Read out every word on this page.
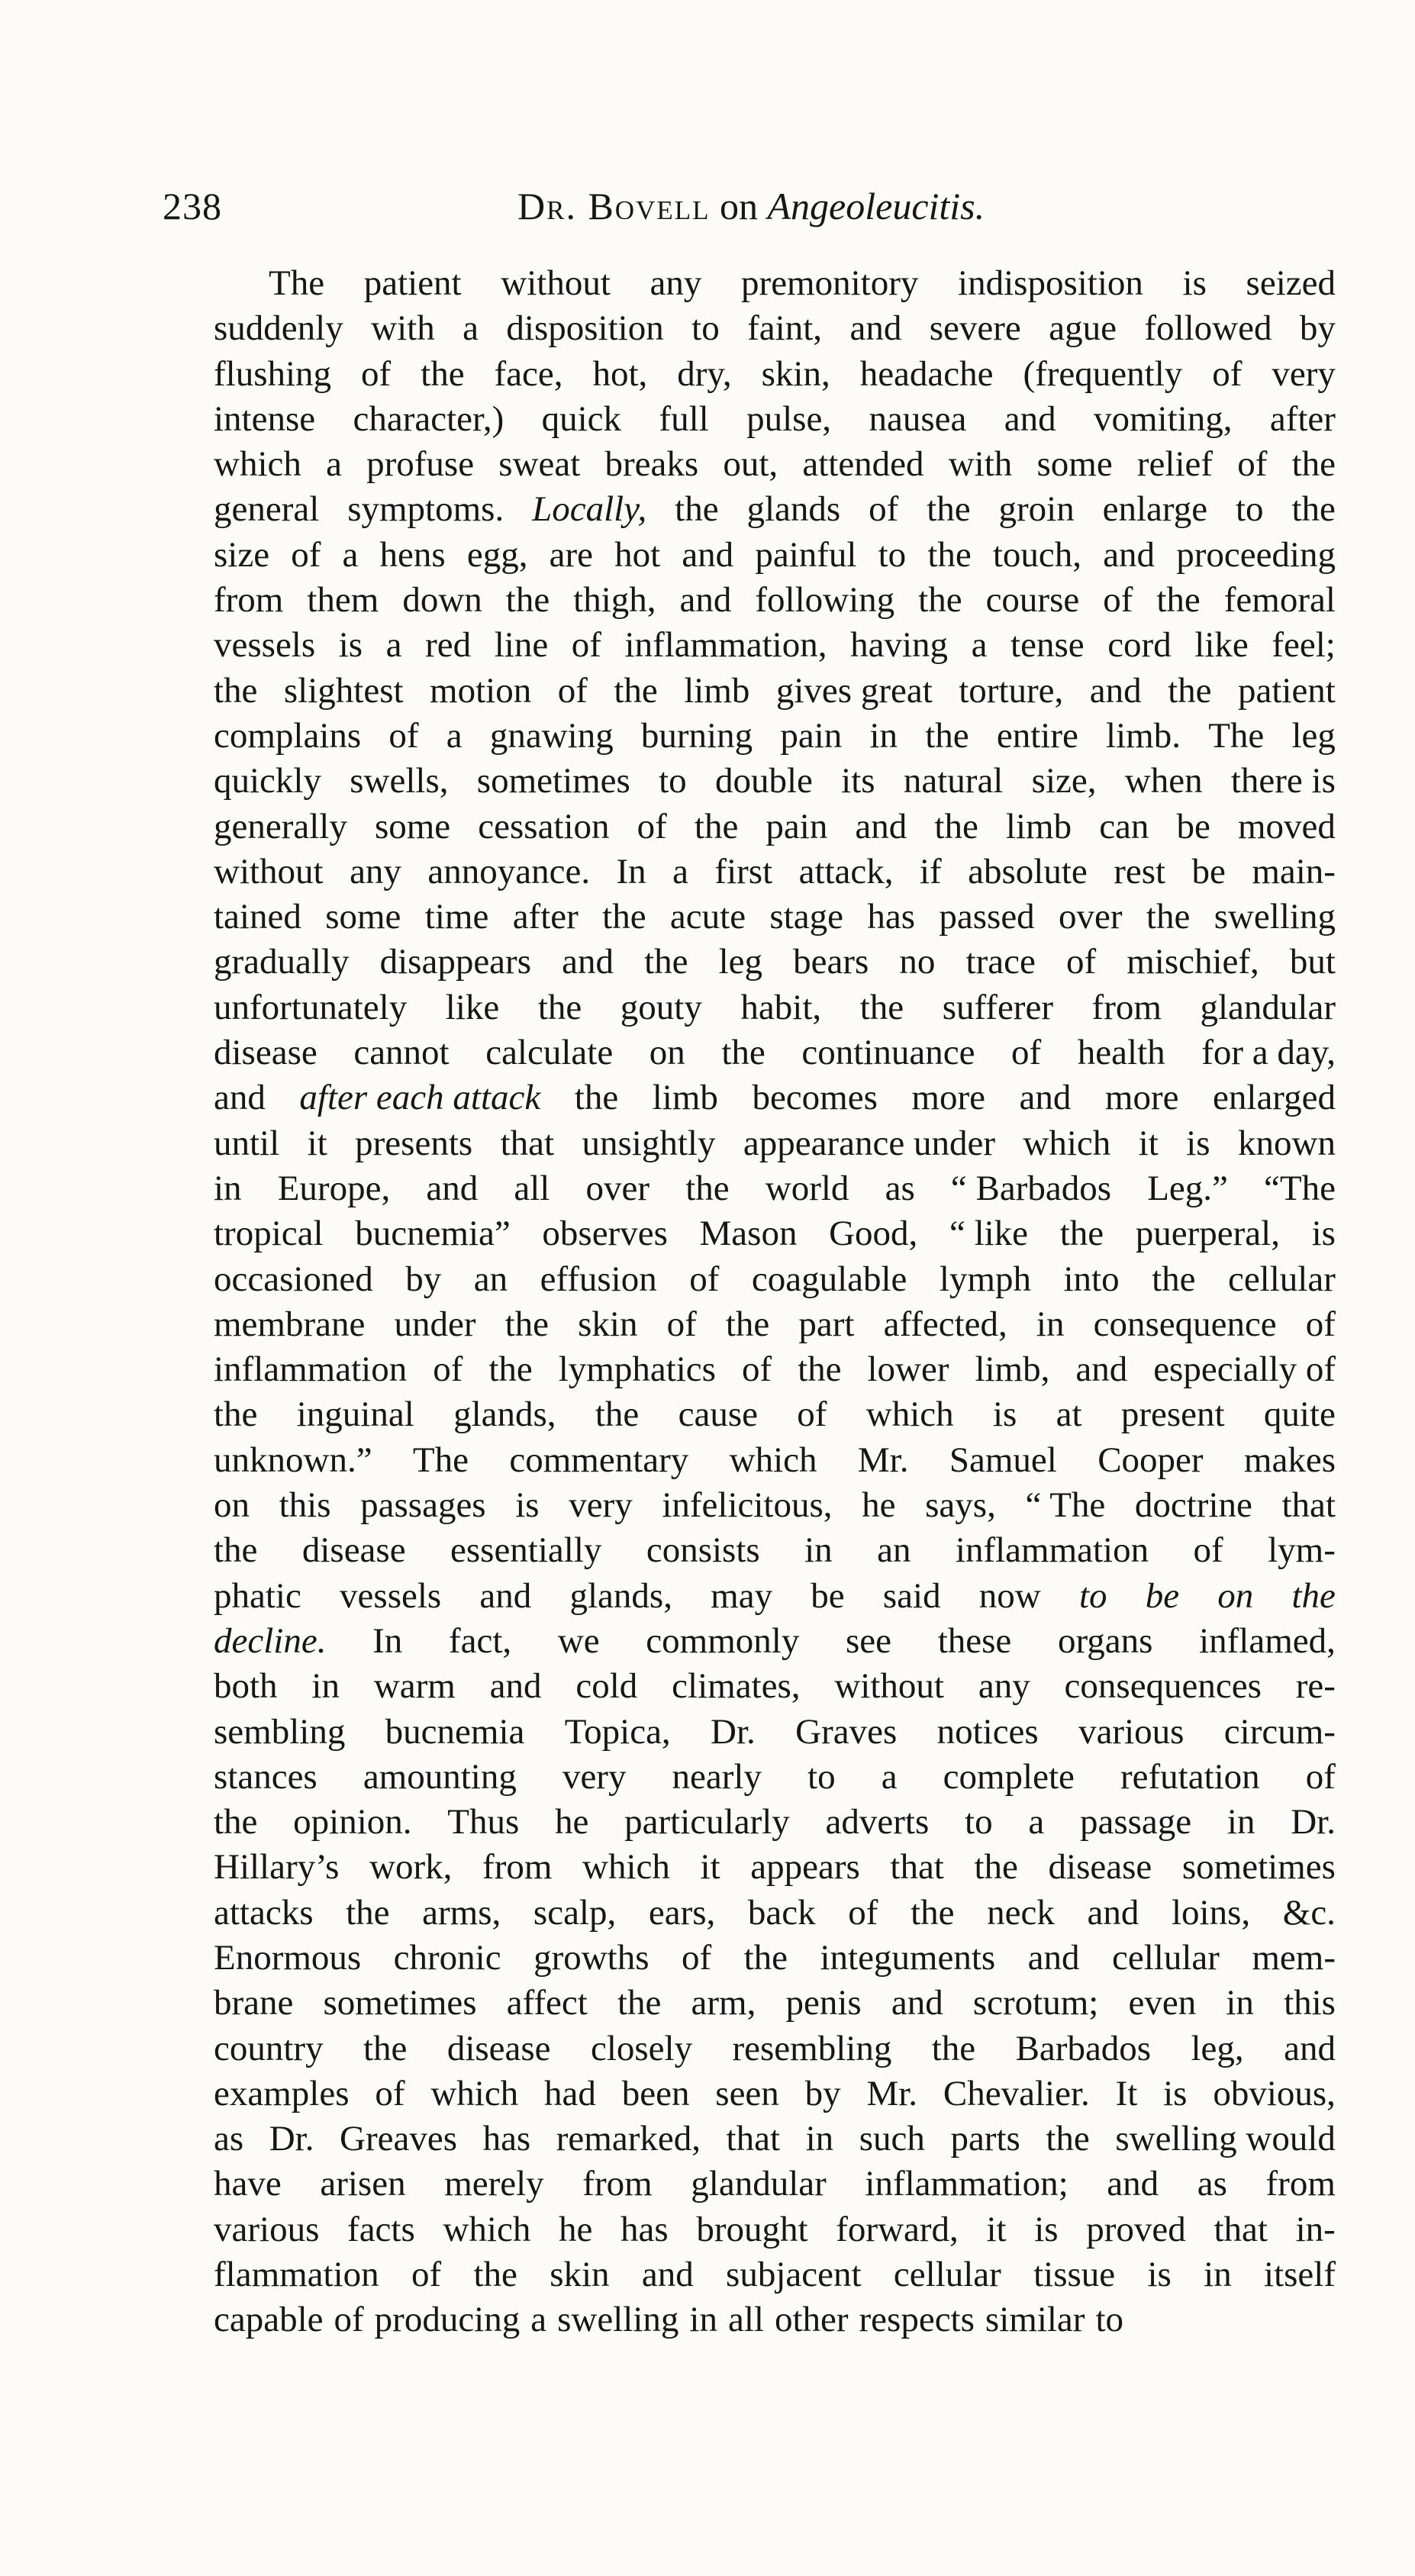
238	Dr. Bovell on Angeoleucitis.
The patient without any premonitory indisposition is seized
suddenly with a disposition to faint, and severe ague followed by
flushing of the face, hot, dry, skin, headache (frequently of very
intense character,) quick full pulse, nausea and vomiting, after
which a profuse sweat breaks out, attended with some relief of the
general symptoms. Locally, the glands of the groin enlarge to the
size of a hens egg, are hot and painful to the touch, and proceeding
from them down the thigh, and following the course of the femoral
vessels is a red line of inflammation, having a tense cord like feel;
the slightest motion of the limb gives great torture, and the patient
complains of a gnawing burning pain in the entire limb. The leg
quickly swells, sometimes to double its natural size, when there is
generally some cessation of the pain and the limb can be moved
without any annoyance. In a first attack, if absolute rest be main-
tained some time after the acute stage has passed over the swelling
gradually disappears and the leg bears no trace of mischief, but
unfortunately like the gouty habit, the sufferer from glandular
disease cannot calculate on the continuance of health for a day,
and after each attack the limb becomes more and more enlarged
until it presents that unsightly appearance under which it is known
in Europe, and all over the world as “ Barbados Leg.” “The
tropical bucnemia” observes Mason Good, “ like the puerperal, is
occasioned by an effusion of coagulable lymph into the cellular
membrane under the skin of the part affected, in consequence of
inflammation of the lymphatics of the lower limb, and especially of
the inguinal glands, the cause of which is at present quite
unknown.” The commentary which Mr. Samuel Cooper makes
on this passages is very infelicitous, he says, “ The doctrine that
the disease essentially consists in an inflammation of lym-
phatic vessels and glands, may be said now to be on the
decline. In fact, we commonly see these organs inflamed,
both in warm and cold climates, without any consequences re-
sembling bucnemia Topica, Dr. Graves notices various circum-
stances amounting very nearly to a complete refutation of
the opinion. Thus he particularly adverts to a passage in Dr.
Hillary’s work, from which it appears that the disease sometimes
attacks the arms, scalp, ears, back of the neck and loins, &c.
Enormous chronic growths of the integuments and cellular mem-
brane sometimes affect the arm, penis and scrotum; even in this
country the disease closely resembling the Barbados leg, and
examples of which had been seen by Mr. Chevalier. It is obvious,
as Dr. Greaves has remarked, that in such parts the swelling would
have arisen merely from glandular inflammation; and as from
various facts which he has brought forward, it is proved that in-
flammation of the skin and subjacent cellular tissue is in itself
capable of producing a swelling in all other respects similar to
